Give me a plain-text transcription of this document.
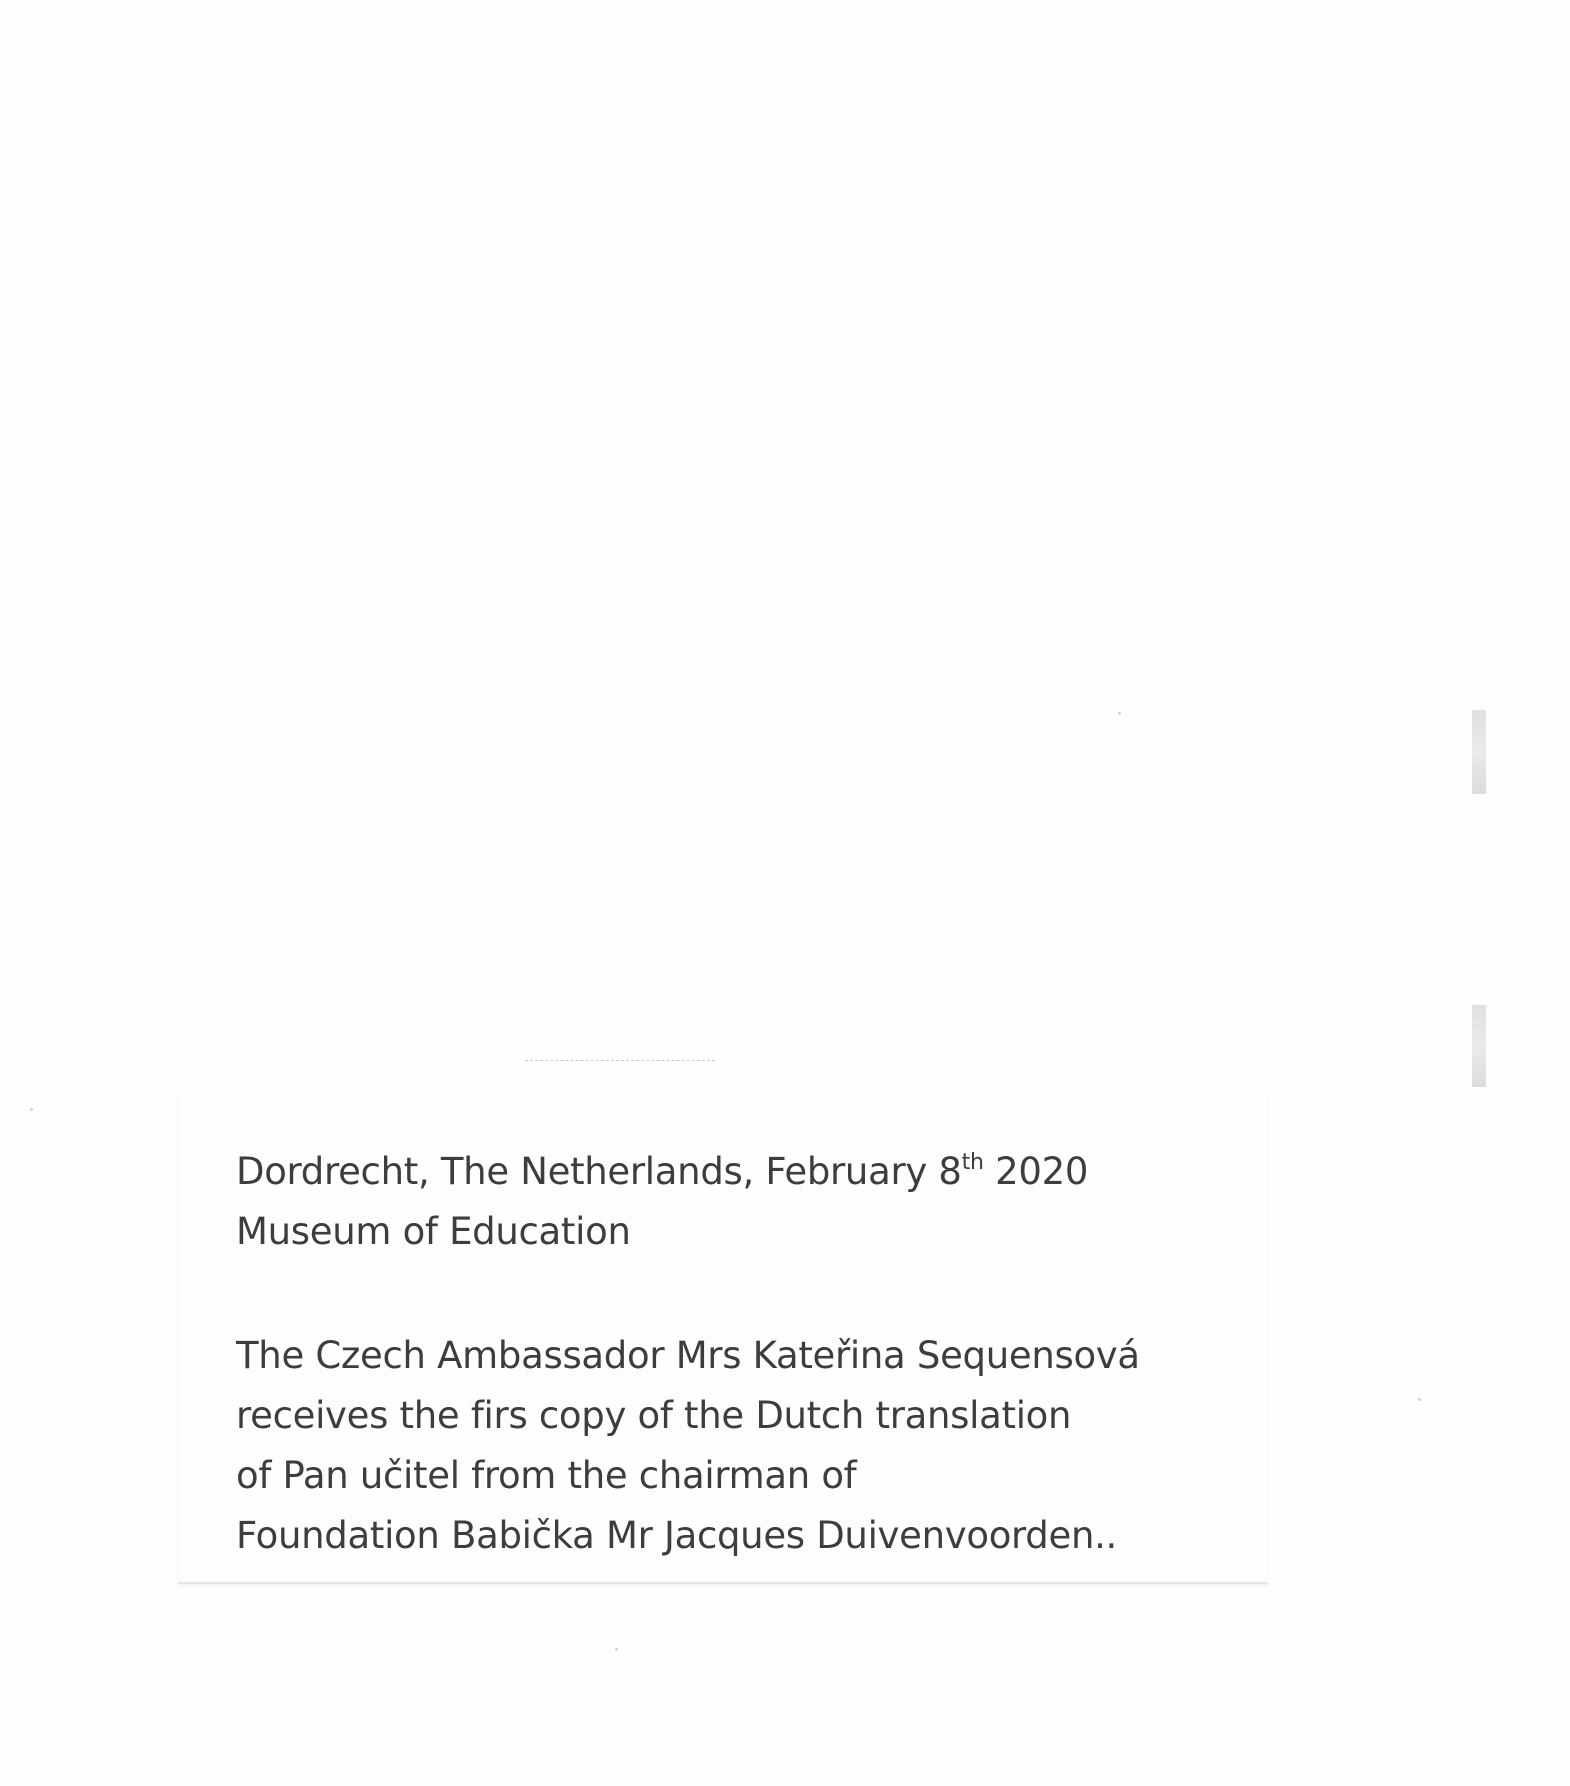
Dordrecht, The Netherlands, February 8th 2020

Museum of Education

The Czech Ambassador Mrs Kateřina Sequensová

receives the firs copy of the Dutch translation

of Pan učitel from the chairman of

Foundation Babička Mr Jacques Duivenvoorden..
